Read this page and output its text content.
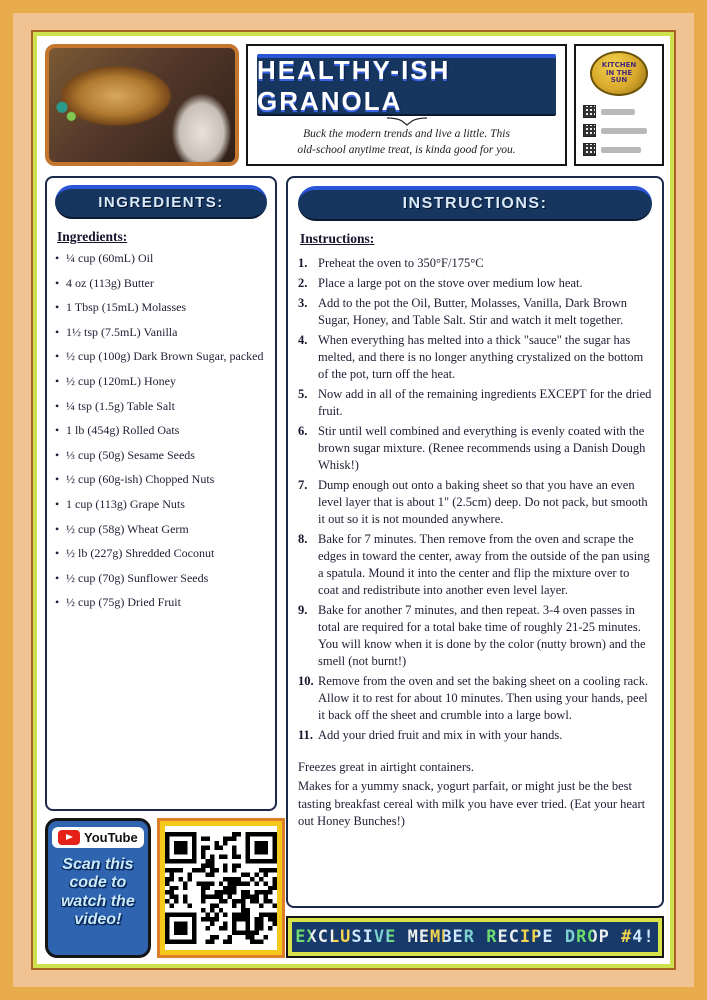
HEALTHY-ISH GRANOLA
Buck the modern trends and live a little. This
old-school anytime treat, is kinda good for you.
KITCHEN
IN THE
SUN
INGREDIENTS:
Ingredients:
• ¼ cup (60mL) Oil
• 4 oz (113g) Butter
• 1 Tbsp (15mL) Molasses
• 1½ tsp (7.5mL) Vanilla
• ½ cup (100g) Dark Brown Sugar, packed
• ½ cup (120mL) Honey
• ¼ tsp (1.5g) Table Salt
• 1 lb (454g) Rolled Oats
• ⅓ cup (50g) Sesame Seeds
• ½ cup (60g-ish) Chopped Nuts
• 1 cup (113g) Grape Nuts
• ½ cup (58g) Wheat Germ
• ½ lb (227g) Shredded Coconut
• ½ cup (70g) Sunflower Seeds
• ½ cup (75g) Dried Fruit
YouTube
Scan this code to watch the video!
INSTRUCTIONS:
Instructions:
Preheat the oven to 350°F/175°C
Place a large pot on the stove over medium low heat.
Add to the pot the Oil, Butter, Molasses, Vanilla, Dark Brown Sugar, Honey, and Table Salt. Stir and watch it melt together.
When everything has melted into a thick "sauce" the sugar has melted, and there is no longer anything crystalized on the bottom of the pot, turn off the heat.
Now add in all of the remaining ingredients EXCEPT for the dried fruit.
Stir until well combined and everything is evenly coated with the brown sugar mixture. (Renee recommends using a Danish Dough Whisk!)
Dump enough out onto a baking sheet so that you have an even level layer that is about 1" (2.5cm) deep. Do not pack, but smooth it out so it is not mounded anywhere.
Bake for 7 minutes. Then remove from the oven and scrape the edges in toward the center, away from the outside of the pan using a spatula. Mound it into the center and flip the mixture over to coat and redistribute into another even level layer.
Bake for another 7 minutes, and then repeat. 3-4 oven passes in total are required for a total bake time of roughly 21-25 minutes. You will know when it is done by the color (nutty brown) and the smell (not burnt!)
Remove from the oven and set the baking sheet on a cooling rack. Allow it to rest for about 10 minutes. Then using your hands, peel it back off the sheet and crumble into a large bowl.
Add your dried fruit and mix in with your hands.

Freezes great in airtight containers.

Makes for a yummy snack, yogurt parfait, or might just be the best tasting breakfast cereal with milk you have ever tried. (Eat your heart out Honey Bunches!)

EXCLUSIVE MEMBER RECIPE DROP #4!
